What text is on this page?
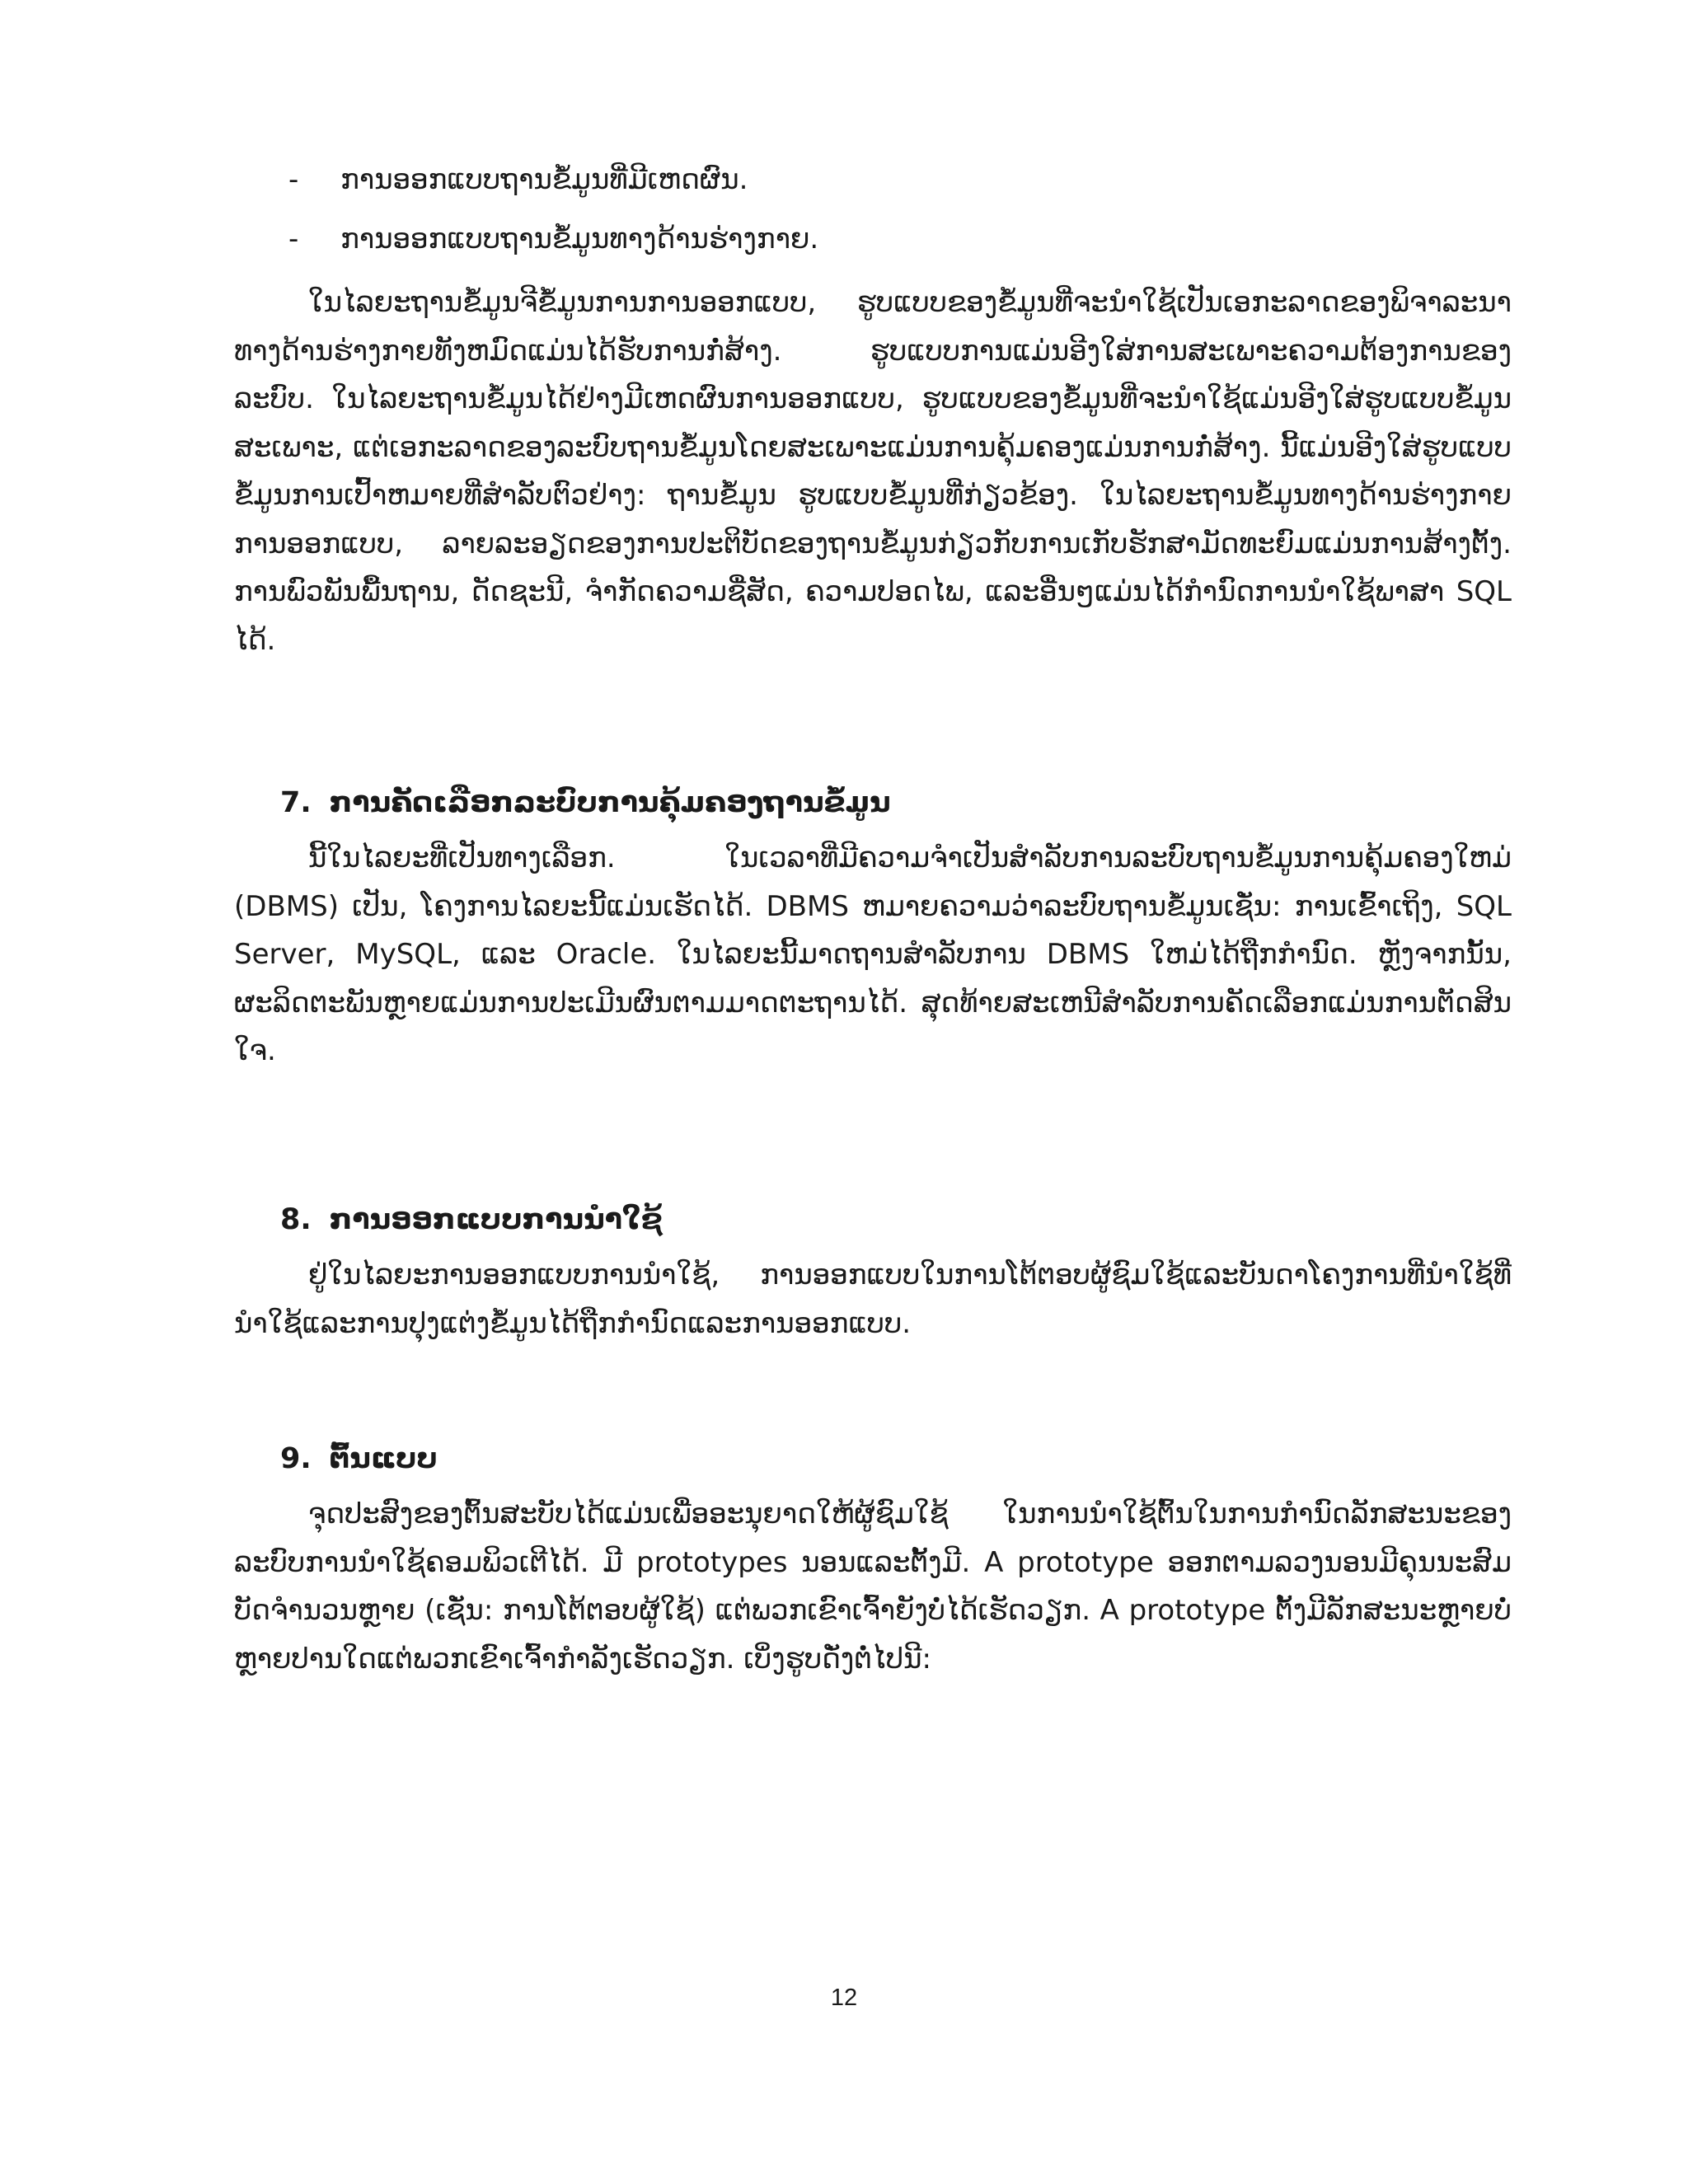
- ການອອກແບບຖານຂໍ້ມູນທີ່ມີເຫດຜົນ.
- ການອອກແບບຖານຂໍ້ມູນທາງດ້ານຮ່າງກາຍ.

ໃນໄລຍະຖານຂໍ້ມູນຈີຂໍ້ມູນການການອອກແບບ, ຮູບແບບຂອງຂໍ້ມູນທີ່ຈະນໍາໃຊ້ເປັນເອກະລາດຂອງພິຈາລະນາທາງດ້ານຮ່າງກາຍທັງຫມົດແມ່ນໄດ້ຮັບການກໍ່ສ້າງ. ຮູບແບບການແມ່ນອີງໃສ່ການສະເພາະຄວາມຕ້ອງການຂອງລະບົບ. ໃນໄລຍະຖານຂໍ້ມູນໄດ້ຢ່າງມີເຫດຜົນການອອກແບບ, ຮູບແບບຂອງຂໍ້ມູນທີ່ຈະນໍາໃຊ້ແມ່ນອີງໃສ່ຮູບແບບຂໍ້ມູນສະເພາະ, ແຕ່ເອກະລາດຂອງລະບົບຖານຂໍ້ມູນໂດຍສະເພາະແມ່ນການຄຸ້ມຄອງແມ່ນການກໍ່ສ້າງ. ນີ້ແມ່ນອີງໃສ່ຮູບແບບຂໍ້ມູນການເປົ້າຫມາຍທີ່ສໍາລັບຕົວຢ່າງ: ຖານຂໍ້ມູນ ຮູບແບບຂໍ້ມູນທີ່ກ່ຽວຂ້ອງ. ໃນໄລຍະຖານຂໍ້ມູນທາງດ້ານຮ່າງກາຍການອອກແບບ, ລາຍລະອຽດຂອງການປະຕິບັດຂອງຖານຂໍ້ມູນກ່ຽວກັບການເກັບຮັກສາມັດທະຍົມແມ່ນການສ້າງຕັ້ງ. ການພົວພັນພື້ນຖານ, ດັດຊະນີ, ຈໍາກັດຄວາມຊື່ສັດ, ຄວາມປອດໄພ, ແລະອື່ນໆແມ່ນໄດ້ກໍານົດການນໍາໃຊ້ພາສາ SQL ໄດ້.

7. ການຄັດເລືອກລະບົບການຄຸ້ມຄອງຖານຂໍ້ມູນ

ນີ້ໃນໄລຍະທີ່ເປັນທາງເລືອກ. ໃນເວລາທີ່ມີຄວາມຈໍາເປັນສໍາລັບການລະບົບຖານຂໍ້ມູນການຄຸ້ມຄອງໃຫມ່ (DBMS) ເປັນ, ໂຄງການໄລຍະນີ້ແມ່ນເຮັດໄດ້. DBMS ຫມາຍຄວາມວ່າລະບົບຖານຂໍ້ມູນເຊັ່ນ: ການເຂົ້າເຖິງ, SQL Server, MySQL, ແລະ Oracle. ໃນໄລຍະນີ້ມາດຖານສໍາລັບການ DBMS ໃຫມ່ໄດ້ຖືກກໍານົດ. ຫຼັງຈາກນັ້ນ, ຜະລິດຕະພັນຫຼາຍແມ່ນການປະເມີນຜົນຕາມມາດຕະຖານໄດ້. ສຸດທ້າຍສະເຫນີສໍາລັບການຄັດເລືອກແມ່ນການຕັດສິນໃຈ.

8. ການອອກແບບການນໍາໃຊ້

ຢູ່ໃນໄລຍະການອອກແບບການນໍາໃຊ້, ການອອກແບບໃນການໂຕ້ຕອບຜູ້ຊົມໃຊ້ແລະບັນດາໂຄງການທີ່ນໍາໃຊ້ທີ່ນໍາໃຊ້ແລະການປຸງແຕ່ງຂໍ້ມູນໄດ້ຖືກກໍານົດແລະການອອກແບບ.

9. ຕົ້ນແບບ

ຈຸດປະສົງຂອງຕົ້ນສະບັບໄດ້ແມ່ນເພື່ອອະນຸຍາດໃຫ້ຜູ້ຊົມໃຊ້ ໃນການນໍາໃຊ້ຕົ້ນໃນການກໍານົດລັກສະນະຂອງລະບົບການນໍາໃຊ້ຄອມພິວເຕີໄດ້. ມີ prototypes ນອນແລະຕັ້ງມີ. A prototype ອອກຕາມລວງນອນມີຄຸນນະສົມບັດຈໍານວນຫຼາຍ (ເຊັ່ນ: ການໂຕ້ຕອບຜູ້ໃຊ້) ແຕ່ພວກເຂົາເຈົ້າຍັງບໍ່ໄດ້ເຮັດວຽກ. A prototype ຕັ້ງມີລັກສະນະຫຼາຍບໍ່ຫຼາຍປານໃດແຕ່ພວກເຂົາເຈົ້າກໍາລັງເຮັດວຽກ. ເບິ່ງຮູບດັ່ງຕໍ່ໄປນີ:

12
